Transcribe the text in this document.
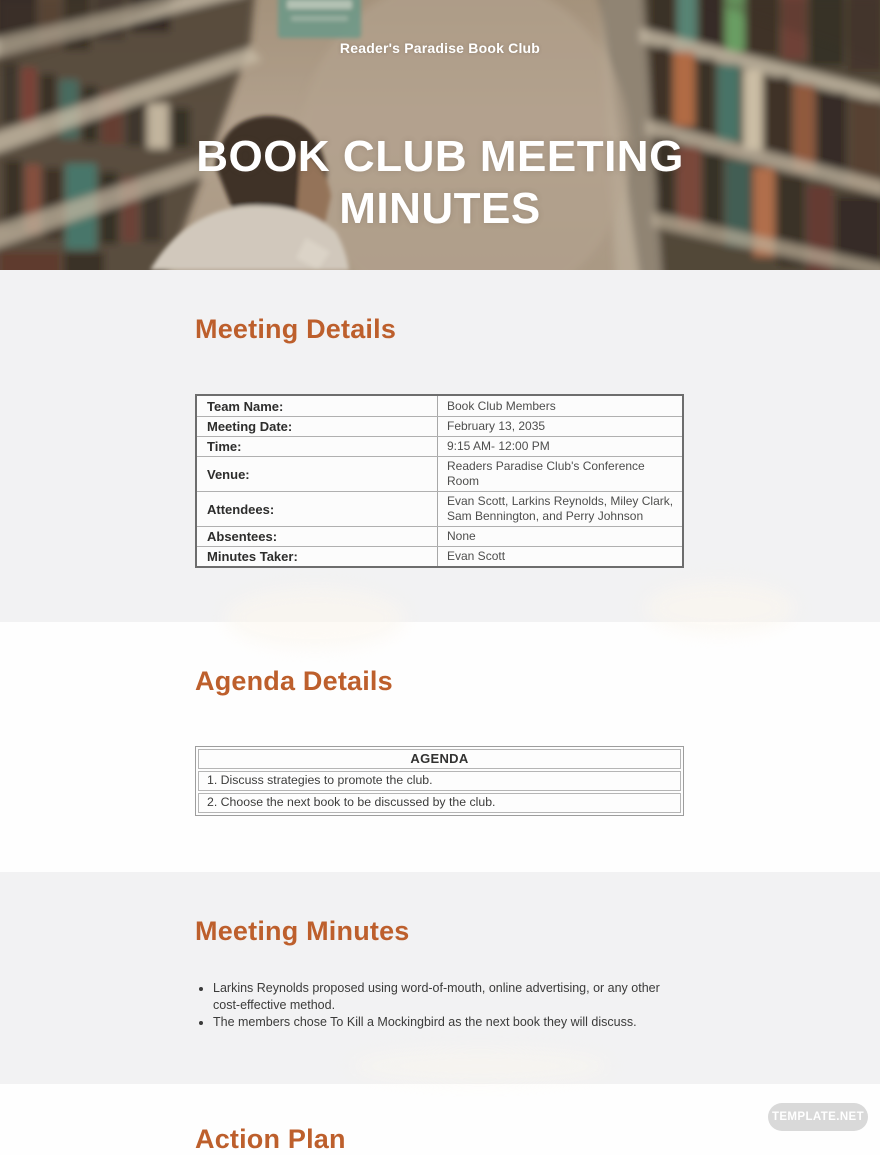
Reader's Paradise Book Club
BOOK CLUB MEETING
MINUTES
Meeting Details
Team Name:	Book Club Members
Meeting Date:	February 13, 2035
Time:	9:15 AM- 12:00 PM
Venue:
Readers Paradise Club's Conference Room
Attendees:
Evan Scott, Larkins Reynolds, Miley Clark, Sam Bennington, and Perry Johnson
Absentees:	None
Minutes Taker:	Evan Scott
Agenda Details
AGENDA
1. Discuss strategies to promote the club.
2. Choose the next book to be discussed by the club.
Meeting Minutes
• Larkins Reynolds proposed using word-of-mouth, online advertising, or any other cost-effective method.
• The members chose To Kill a Mockingbird as the next book they will discuss.
Action Plan
TEMPLATE.NET
